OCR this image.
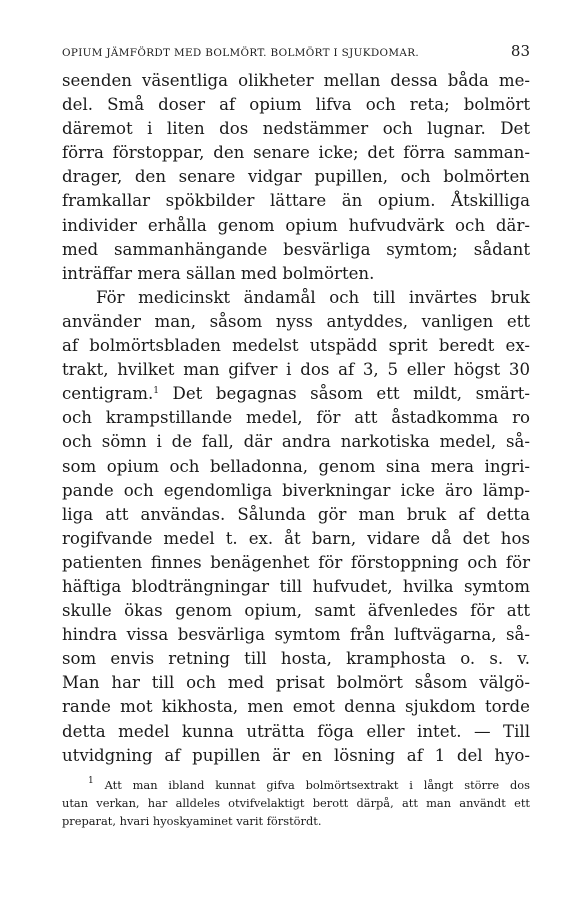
OPIUM JÄMFÖRDT MED BOLMÖRT. BOLMÖRT I SJUKDOMAR.	83
seenden väsentliga olikheter mellan dessa båda me-
del. Små doser af opium lifva och reta; bolmört
däremot i liten dos nedstämmer och lugnar. Det
förra förstoppar, den senare icke; det förra samman-
drager, den senare vidgar pupillen, och bolmörten
framkallar spökbilder lättare än opium. Åtskilliga
individer erhålla genom opium hufvudvärk och där-
med sammanhängande besvärliga symtom; sådant
inträffar mera sällan med bolmörten.
För medicinskt ändamål och till invärtes bruk
använder man, såsom nyss antyddes, vanligen ett
af bolmörtsbladen medelst utspädd sprit beredt ex-
trakt, hvilket man gifver i dos af 3, 5 eller högst 30
centigram.$^1$ Det begagnas såsom ett mildt, smärt-
och krampstillande medel, för att åstadkomma ro
och sömn i de fall, där andra narkotiska medel, så-
som opium och belladonna, genom sina mera ingri-
pande och egendomliga biverkningar icke äro lämp-
liga att användas. Sålunda gör man bruk af detta
rogifvande medel t. ex. åt barn, vidare då det hos
patienten finnes benägenhet för förstoppning och för
häftiga blodträngningar till hufvudet, hvilka symtom
skulle ökas genom opium, samt äfvenledes för att
hindra vissa besvärliga symtom från luftvägarna, så-
som envis retning till hosta, kramphosta o. s. v.
Man har till och med prisat bolmört såsom välgö-
rande mot kikhosta, men emot denna sjukdom torde
detta medel kunna uträtta föga eller intet. — Till
utvidgning af pupillen är en lösning af 1 del hyo-
$^1$ Att man ibland kunnat gifva bolmörtsextrakt i långt större dos
utan verkan, har alldeles otvifvelaktigt berott därpå, att man användt ett
preparat, hvari hyoskyaminet varit förstördt.
